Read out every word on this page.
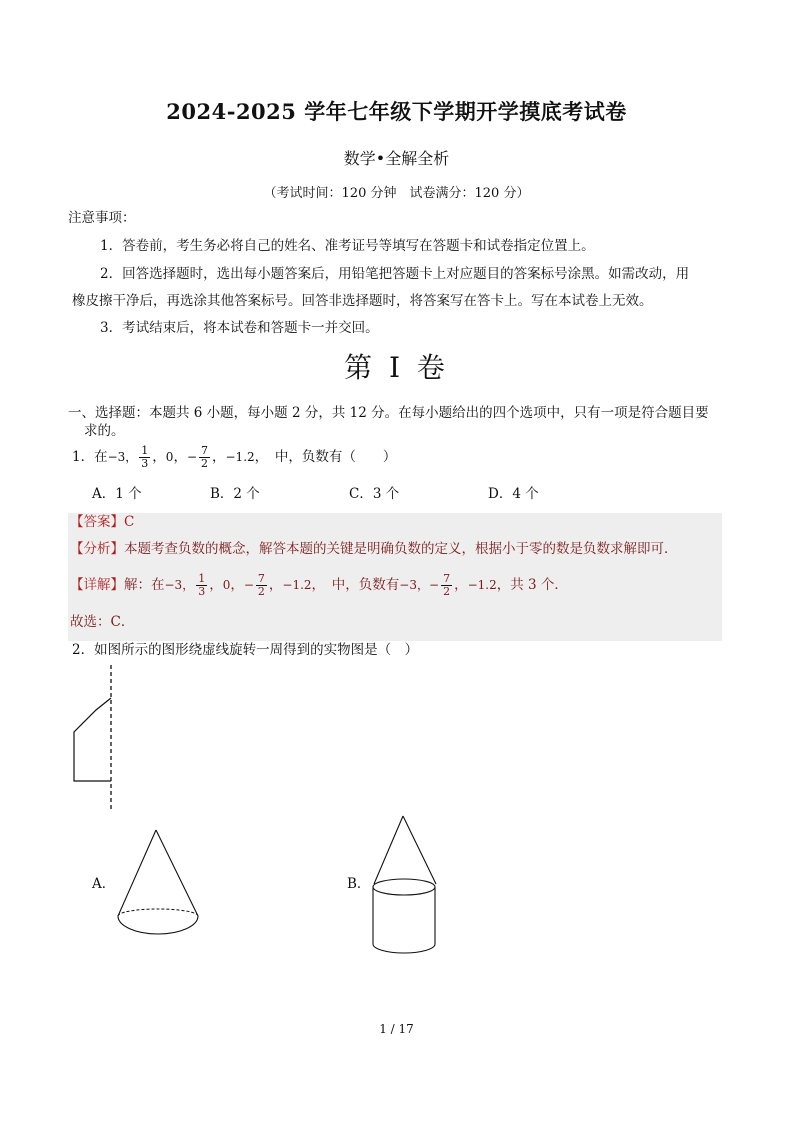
2024-2025 学年七年级下学期开学摸底考试卷
数学•全解全析
（考试时间：120 分钟　试卷满分：120 分）
注意事项：
1．答卷前，考生务必将自己的姓名、准考证号等填写在答题卡和试卷指定位置上。
2．回答选择题时，选出每小题答案后，用铅笔把答题卡上对应题目的答案标号涂黑。如需改动，用
橡皮擦干净后，再选涂其他答案标号。回答非选择题时，将答案写在答卡上。写在本试卷上无效。
3．考试结束后，将本试卷和答题卡一并交回。
第 I 卷
一、选择题：本题共 6 小题，每小题 2 分，共 12 分。在每小题给出的四个选项中，只有一项是符合题目要
求的。
1．在−3， $\frac{1}{3}$ ，0，− $\frac{7}{2}$ ，−1.2，　中，负数有（　　）
A．1 个	B．2 个	C．3 个	D．4 个
【答案】C
【分析】本题考查负数的概念，解答本题的关键是明确负数的定义，根据小于零的数是负数求解即可．
【详解】解：在−3， $\frac{1}{3}$ ，0，− $\frac{7}{2}$ ，−1.2，　中，负数有−3，− $\frac{7}{2}$ ，−1.2，共 3 个．
故选：C．
2．如图所示的图形绕虚线旋转一周得到的实物图是（　）
A．	B．
1 / 17
